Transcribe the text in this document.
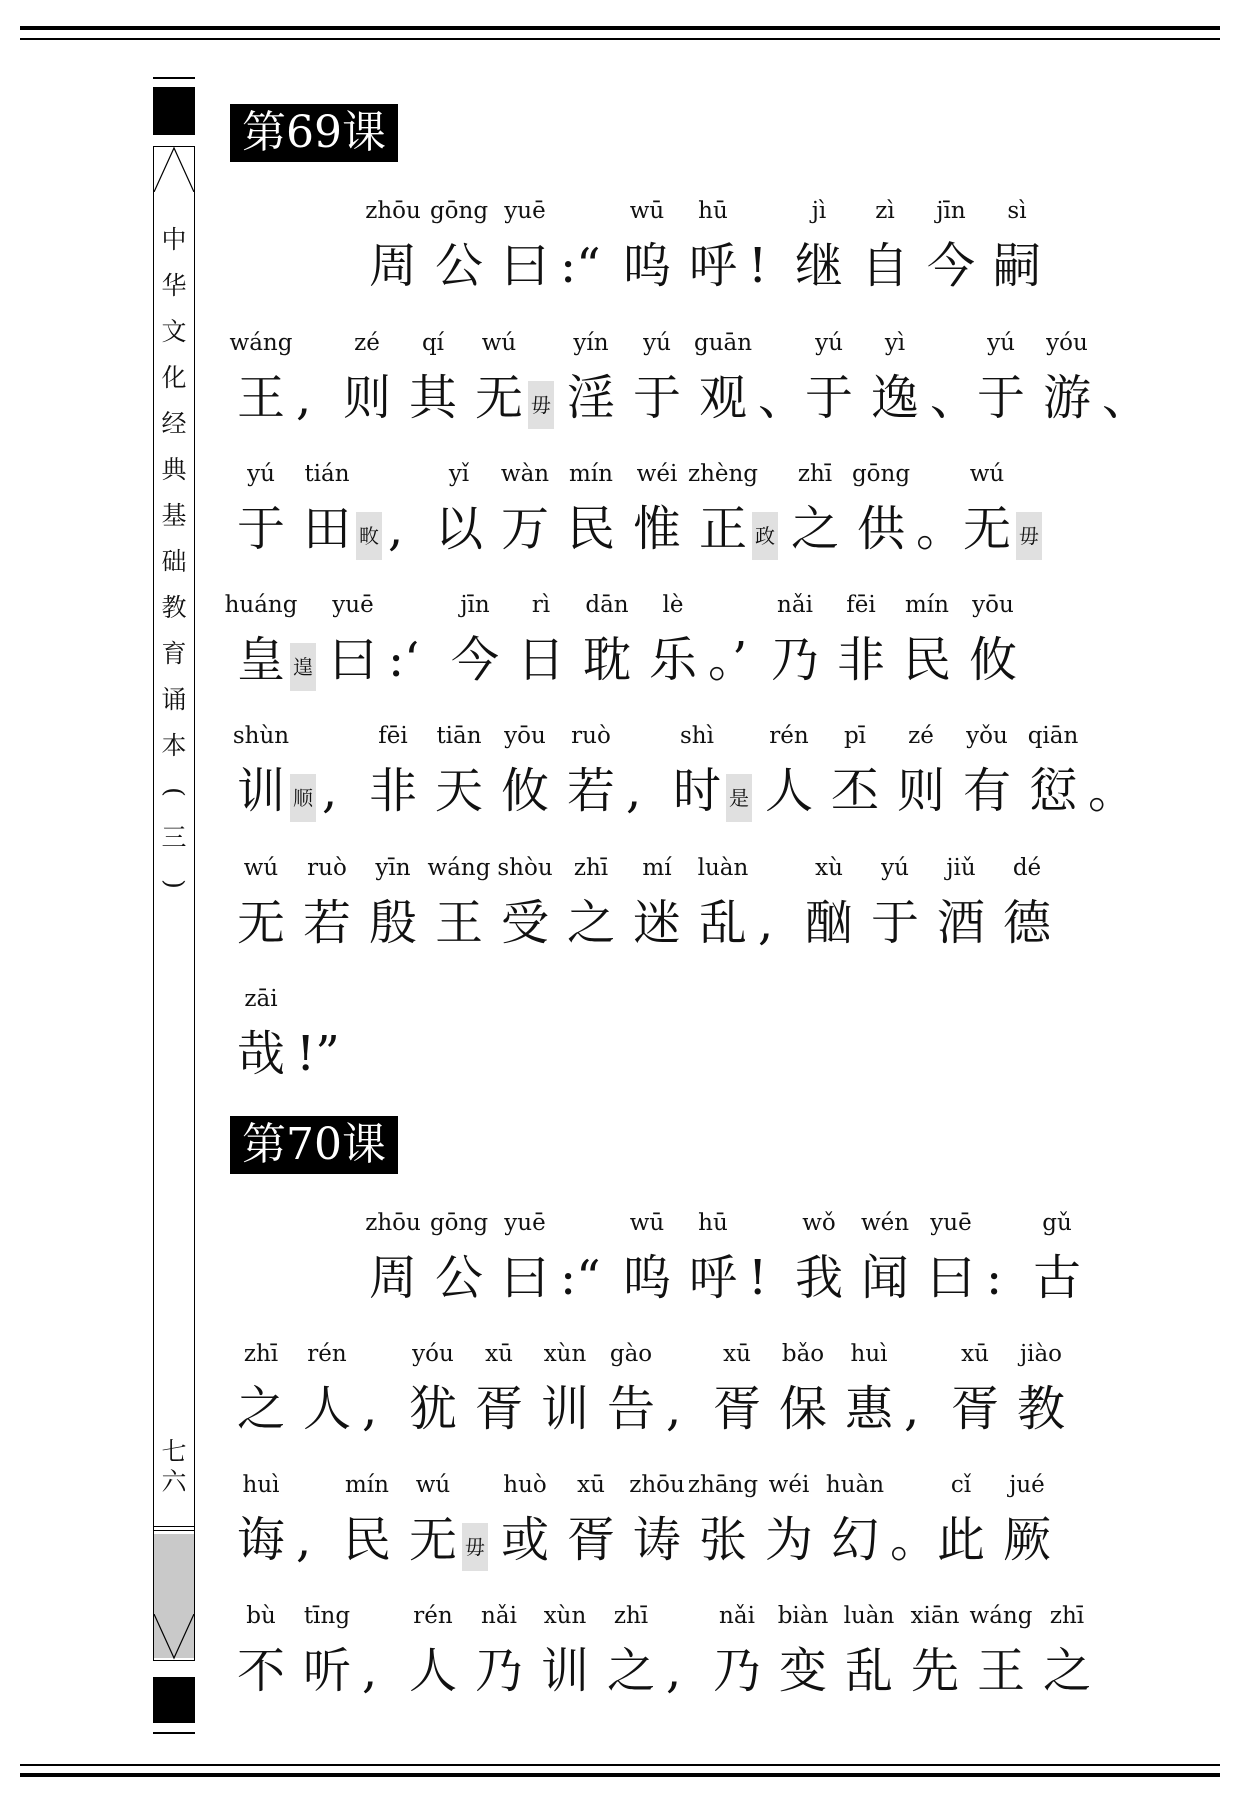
中
华
文
化
经
典
基
础
教
育
诵
本
(
三
)
七
六
第69课
zhōu
周
gōng
公
yuē
曰 :“
wū
呜
hū
呼 !
jì
继
zì
自
jīn
今
sì
嗣
wáng
王 ,
zé
则
qí
其
wú
无 毋
yín
淫
yú
于
guān
观 、
yú
于
yì
逸 、
yú
于
yóu
游 、
yú
于
tián
田 畋 ,
yǐ
以
wàn
万
mín
民
wéi
惟
zhèng
正 政
zhī
之
gōng
供 。
wú
无 毋
huáng
皇 遑
yuē
曰 :‘
jīn
今
rì
日
dān
耽
lè
乐 。’
nǎi
乃
fēi
非
mín
民
yōu
攸
shùn
训 顺 ,
fēi
非
tiān
天
yōu
攸
ruò
若 ,
shì
时 是
rén
人
pī
丕
zé
则
yǒu
有
qiān
愆 。
wú
无
ruò
若
yīn
殷
wáng
王
shòu
受
zhī
之
mí
迷
luàn
乱 ,
xù
酗
yú
于
jiǔ
酒
dé
德
zāi
哉 !”
第70课
zhōu
周
gōng
公
yuē
曰 :“
wū
呜
hū
呼 !
wǒ
我
wén
闻
yuē
曰 :
gǔ
古
zhī
之
rén
人 ,
yóu
犹
xū
胥
xùn
训
gào
告 ,
xū
胥
bǎo
保
huì
惠 ,
xū
胥
jiào
教
huì
诲 ,
mín
民
wú
无 毋
huò
或
xū
胥
zhōu
诪
zhāng
张
wéi
为
huàn
幻 。
cǐ
此
jué
厥
bù
不
tīng
听 ,
rén
人
nǎi
乃
xùn
训
zhī
之 ,
nǎi
乃
biàn
变
luàn
乱
xiān
先
wáng
王
zhī
之
